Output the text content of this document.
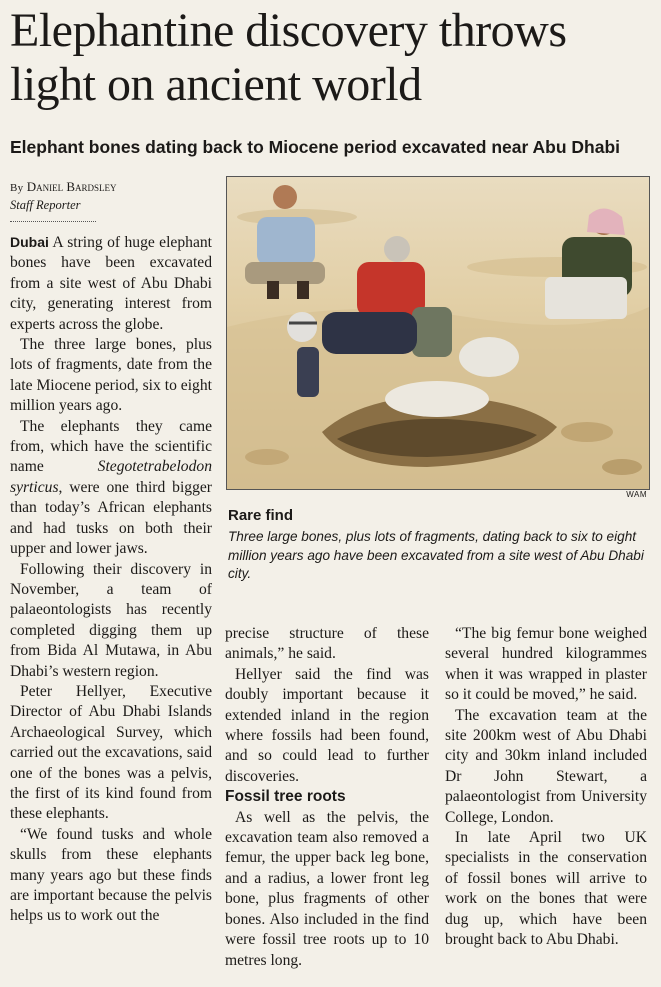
Elephantine discovery throws light on ancient world
Elephant bones dating back to Miocene period excavated near Abu Dhabi
By Daniel Bardsley
Staff Reporter

Dubai A string of huge elephant bones have been excavated from a site west of Abu Dhabi city, generating interest from experts across the globe.

The three large bones, plus lots of fragments, date from the late Miocene period, six to eight million years ago.

The elephants they came from, which have the scientific name Stegotetrabelodon syrticus, were one third bigger than today’s African elephants and had tusks on both their upper and lower jaws.

Following their discovery in November, a team of palaeontologists has recently completed digging them up from Bida Al Mutawa, in Abu Dhabi’s western region.

Peter Hellyer, Executive Director of Abu Dhabi Islands Archaeological Survey, which carried out the excavations, said one of the bones was a pelvis, the first of its kind found from these elephants.

“We found tusks and whole skulls from these elephants many years ago but these finds are important because the pelvis helps us to work out the

WAM

Rare find

Three large bones, plus lots of fragments, dating back to six to eight million years ago have been excavated from a site west of Abu Dhabi city.

precise structure of these animals,” he said.

Hellyer said the find was doubly important because it extended inland in the region where fossils had been found, and so could lead to further discoveries.

Fossil tree roots

As well as the pelvis, the excavation team also removed a femur, the upper back leg bone, and a radius, a lower front leg bone, plus fragments of other bones. Also included in the find were fossil tree roots up to 10 metres long.

“The big femur bone weighed several hundred kilogrammes when it was wrapped in plaster so it could be moved,” he said.

The excavation team at the site 200km west of Abu Dhabi city and 30km inland included Dr John Stewart, a palaeontologist from University College, London.

In late April two UK specialists in the conservation of fossil bones will arrive to work on the bones that were dug up, which have been brought back to Abu Dhabi.
